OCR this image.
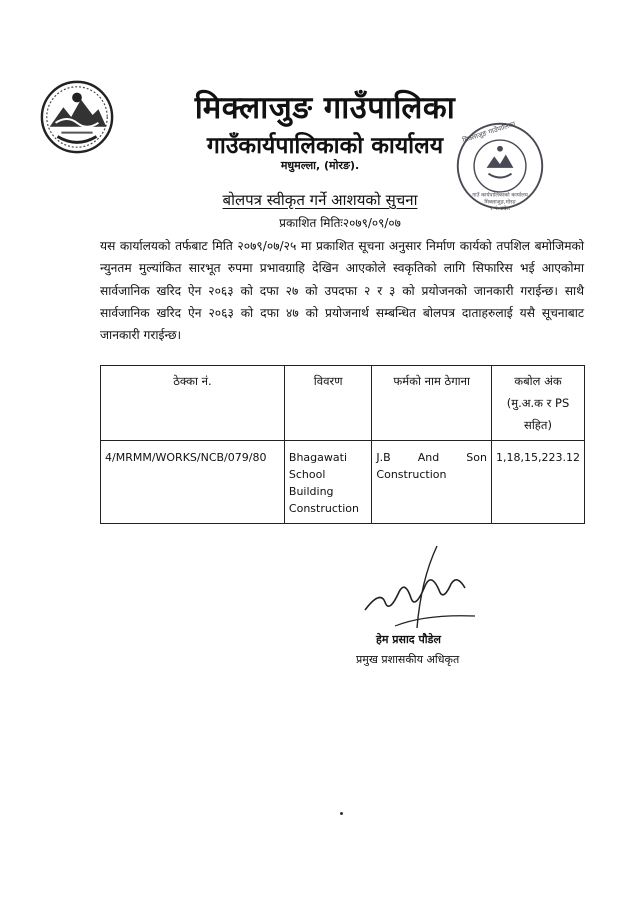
मिक्लाजुङ गाउँपालिका
गाउँकार्यपालिकाको कार्यालय
मधुमल्ला, (मोरङ).
मिक्लाजुङ गाउँपालिका
गाउँ कार्यपालिकाको कार्यालय
मिक्लाजुङ,मोरङ
१ नं. प्रदेश
बोलपत्र स्वीकृत गर्ने आशयको सुचना
प्रकाशित मितिः२०७९/०९/०७
यस कार्यालयको तर्फबाट मिति २०७९/०७/२५ मा प्रकाशित सूचना अनुसार निर्माण कार्यको तपशिल बमोजिमको न्युनतम मुल्यांकित सारभूत रुपमा प्रभावग्राहि देखिन आएकोले स्वकृतिको लागि सिफारिस भई आएकोमा सार्वजानिक खरिद ऐन २०६३ को दफा २७ को उपदफा २ र ३ को प्रयोजनको जानकारी गराईन्छ। साथै सार्वजानिक खरिद ऐन २०६३ को दफा ४७ को प्रयोजनार्थ सम्बन्धित बोलपत्र दाताहरुलाई यसै सूचनाबाट जानकारी गराईन्छ।
ठेक्का नं.	विवरण	फर्मको नाम ठेगाना	कबोल अंक (मु.अ.क र PS सहित)
4/MRMM/WORKS/NCB/079/80	Bhagawati School Building Construction	J.B And Son Construction	1,18,15,223.12
हेम प्रसाद पौडेल
प्रमुख प्रशासकीय अधिकृत
